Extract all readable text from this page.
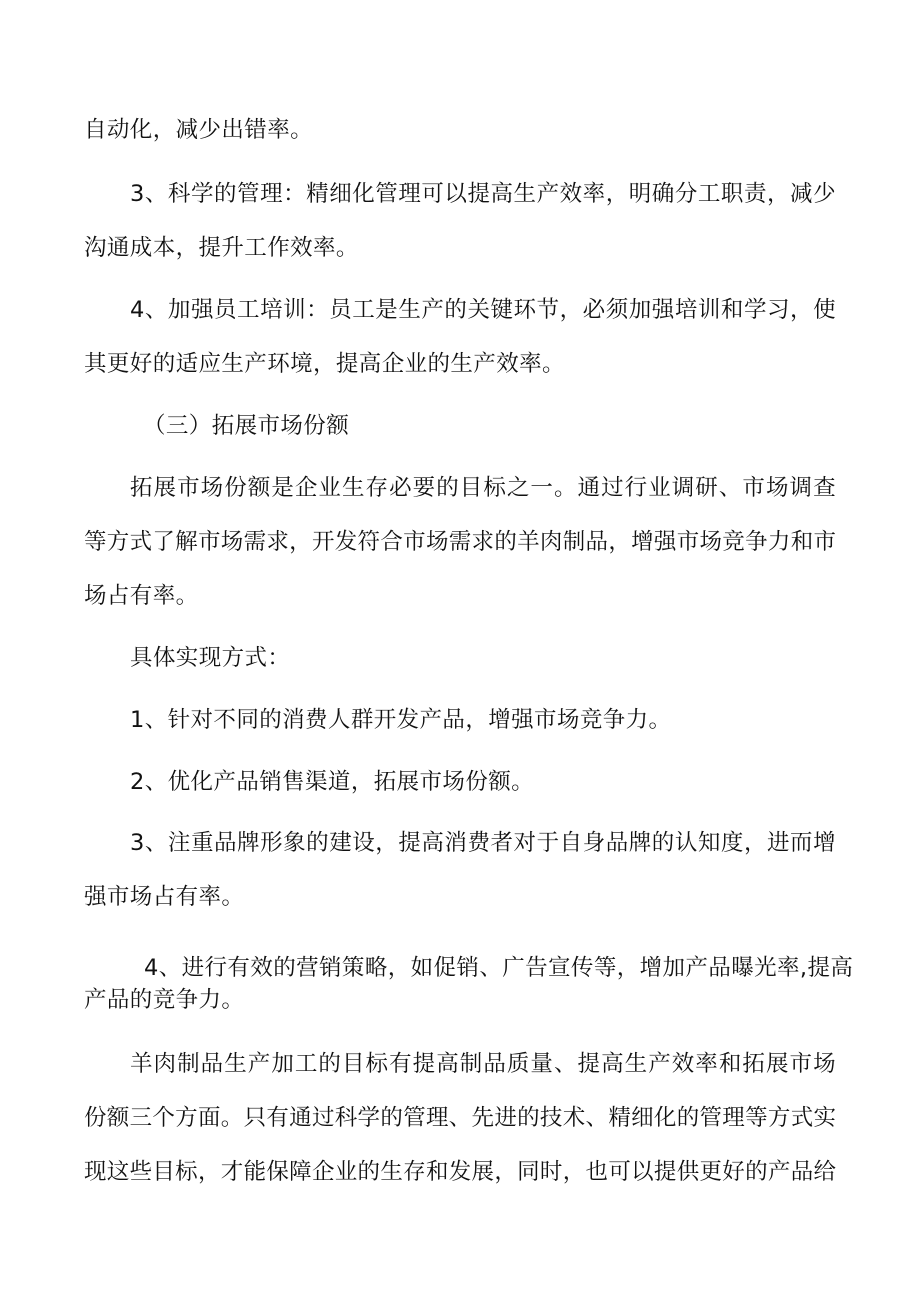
自动化，减少出错率。
3、科学的管理：精细化管理可以提高生产效率，明确分工职责，减少
沟通成本，提升工作效率。
4、加强员工培训：员工是生产的关键环节，必须加强培训和学习，使
其更好的适应生产环境，提高企业的生产效率。
（三）拓展市场份额
拓展市场份额是企业生存必要的目标之一。通过行业调研、市场调查
等方式了解市场需求，开发符合市场需求的羊肉制品，增强市场竞争力和市
场占有率。
具体实现方式：
1、针对不同的消费人群开发产品，增强市场竞争力。
2、优化产品销售渠道，拓展市场份额。
3、注重品牌形象的建设，提高消费者对于自身品牌的认知度，进而增
强市场占有率。
4、进行有效的营销策略，如促销、广告宣传等，增加产品曝光率,提高
产品的竞争力。
羊肉制品生产加工的目标有提高制品质量、提高生产效率和拓展市场
份额三个方面。只有通过科学的管理、先进的技术、精细化的管理等方式实
现这些目标，才能保障企业的生存和发展，同时，也可以提供更好的产品给
